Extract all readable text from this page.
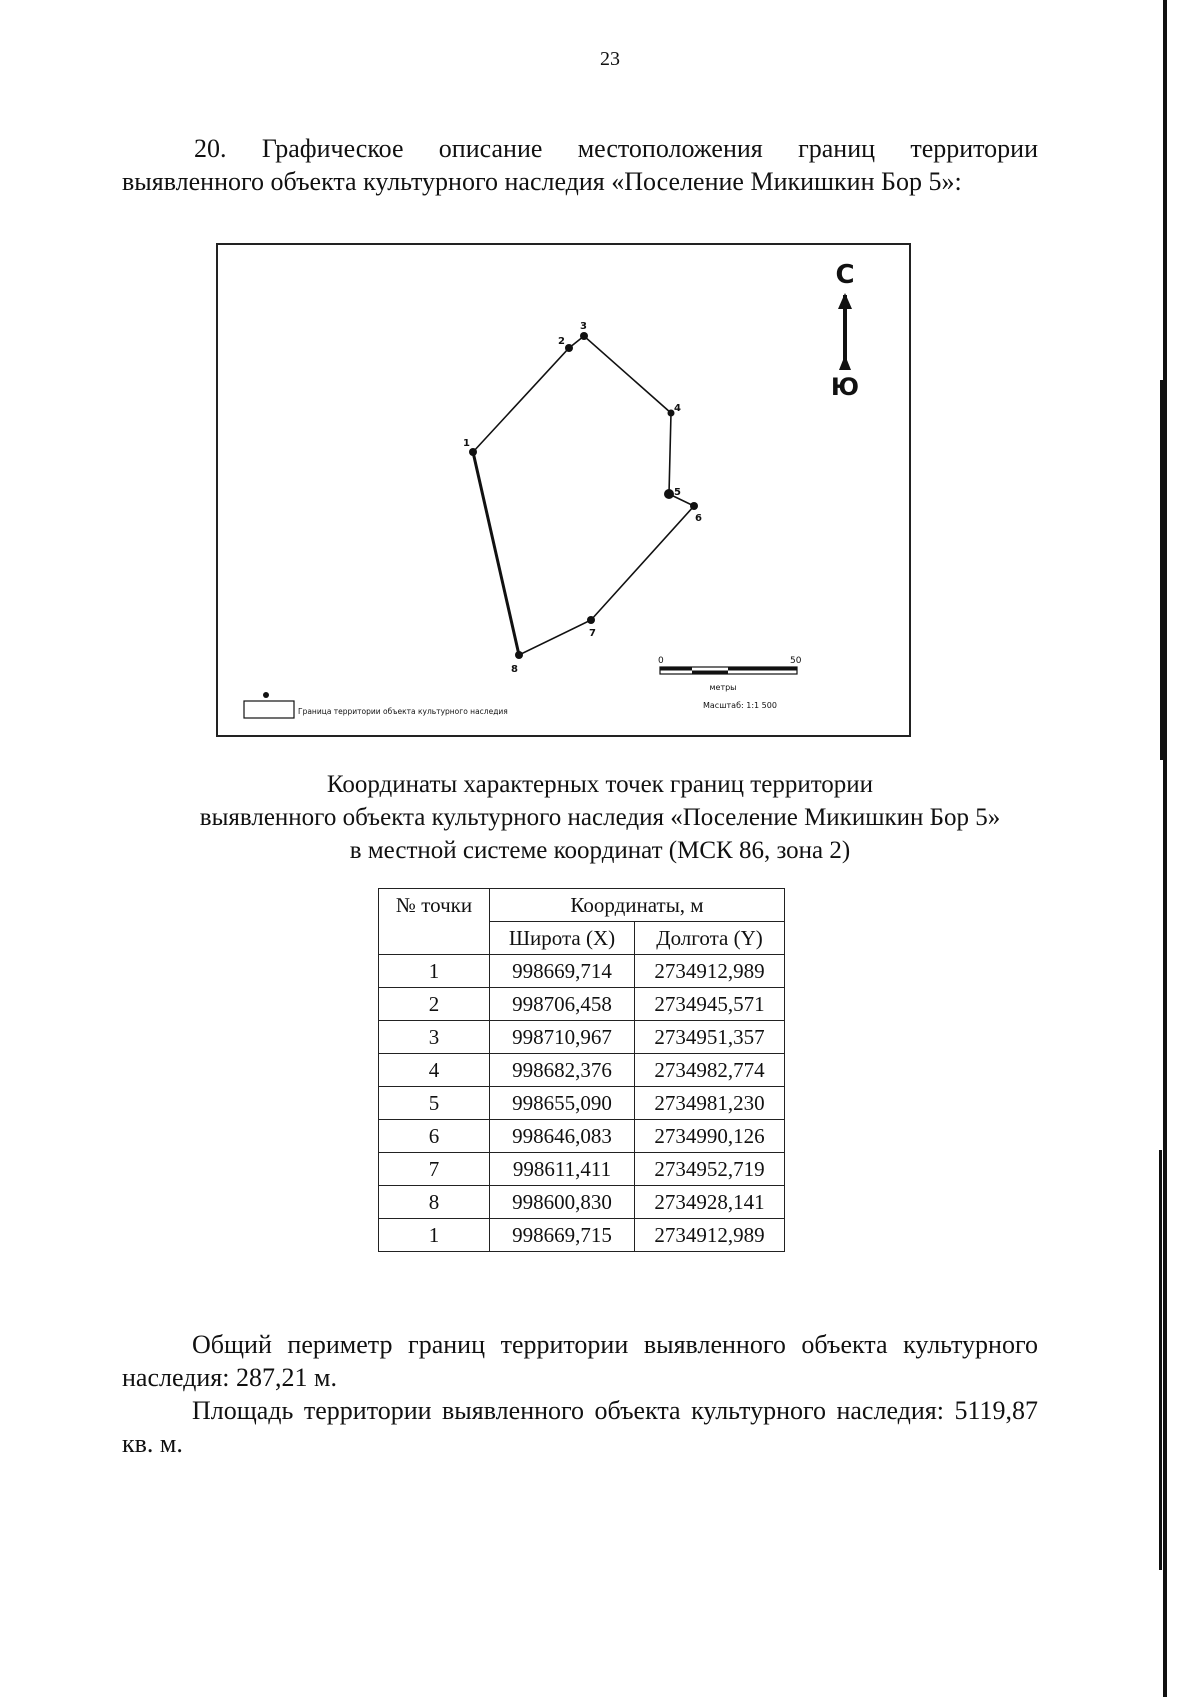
23
20. Графическое описание местоположения границ территории выявленного объекта культурного наследия «Поселение Микишкин Бор 5»:
1
2
3
4
5
6
7
8
С
Ю
0	50
метры
Масштаб: 1:1 500
Граница территории объекта культурного наследия
Координаты характерных точек границ территории
выявленного объекта культурного наследия «Поселение Микишкин Бор 5»
в местной системе координат (МСК 86, зона 2)
№ точки	Координаты, м	
	Широта (X)	Долгота (Y)
1	998669,714	2734912,989
2	998706,458	2734945,571
3	998710,967	2734951,357
4	998682,376	2734982,774
5	998655,090	2734981,230
6	998646,083	2734990,126
7	998611,411	2734952,719
8	998600,830	2734928,141
1	998669,715	2734912,989

Общий периметр границ территории выявленного объекта культурного наследия: 287,21 м.

Площадь территории выявленного объекта культурного наследия: 5119,87 кв. м.
